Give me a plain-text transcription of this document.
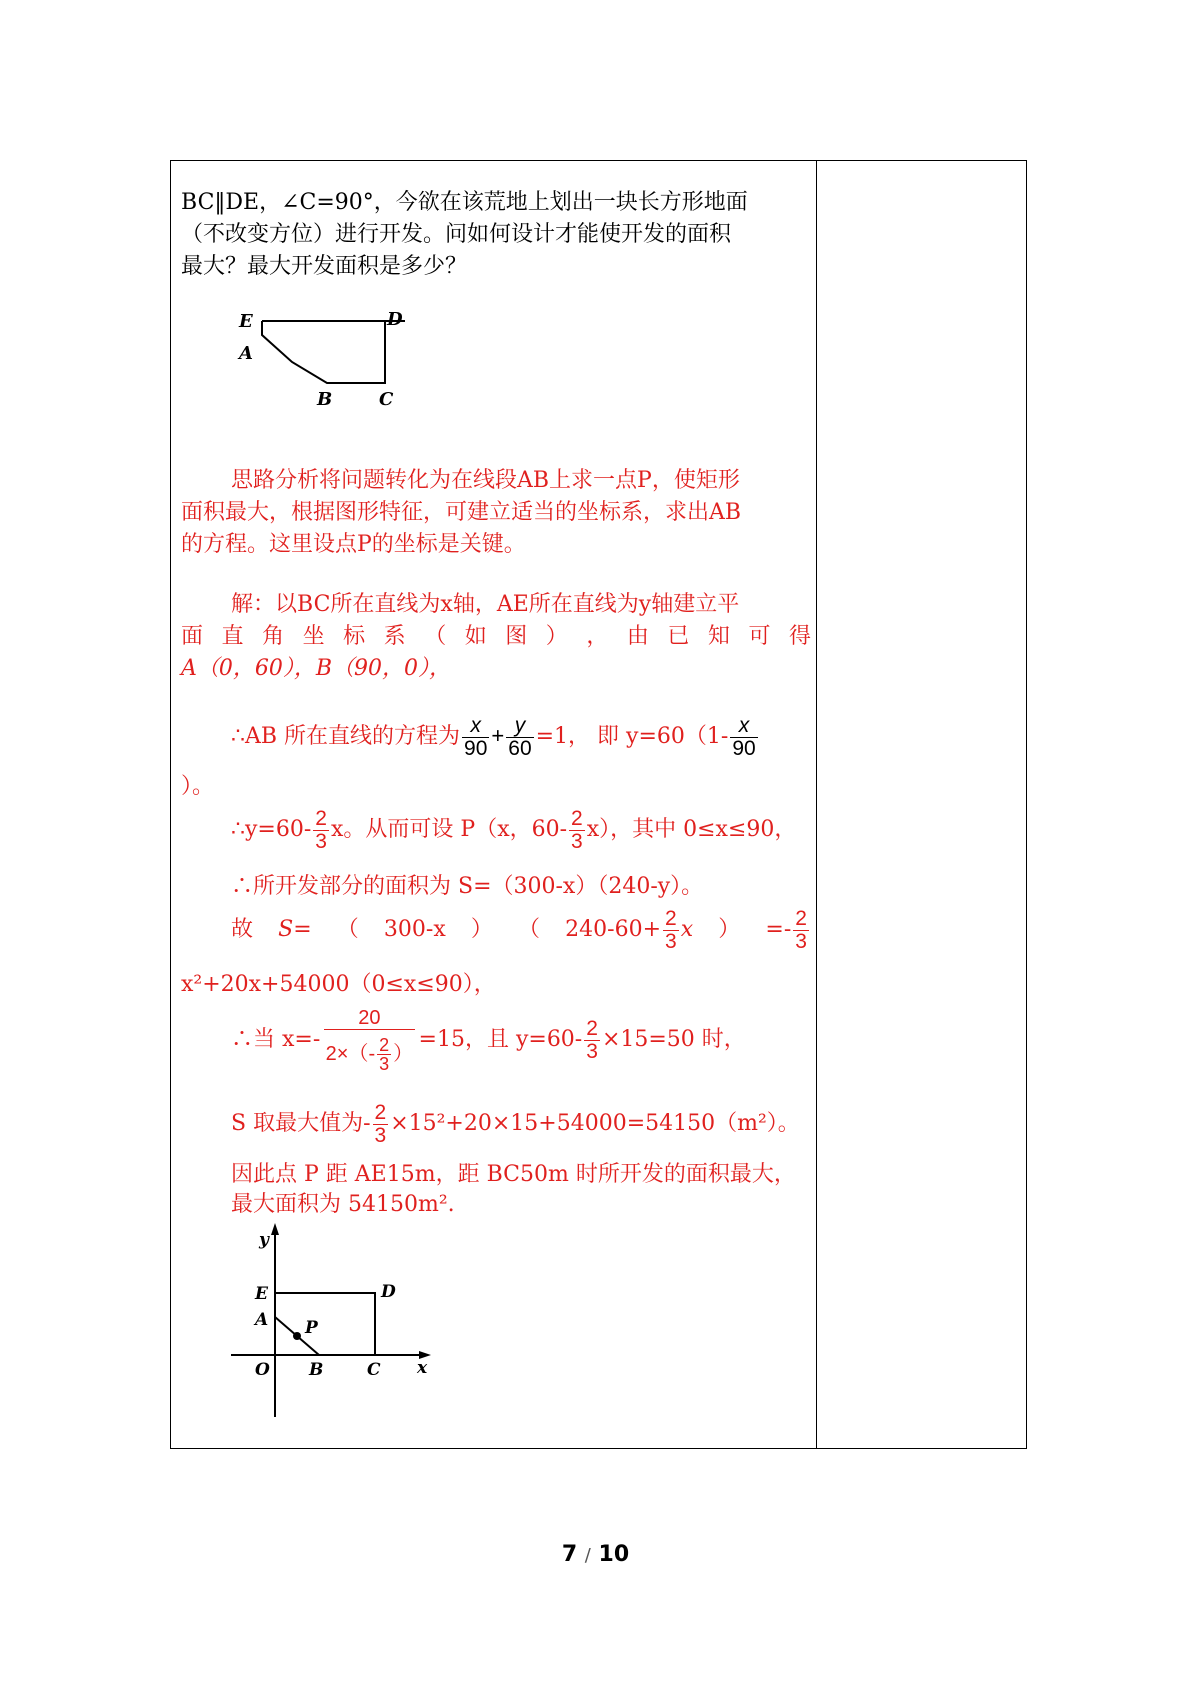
BC‖DE，∠C=90°，今欲在该荒地上划出一块长方形地面
（不改变方位）进行开发。问如何设计才能使开发的面积
最大？最大开发面积是多少？
E	D
A
B	C
思路分析将问题转化为在线段AB上求一点P，使矩形
面积最大，根据图形特征，可建立适当的坐标系，求出AB
的方程。这里设点P的坐标是关键。
解：以BC所在直线为x轴，AE所在直线为y轴建立平
面 直 角 坐 标 系 （ 如 图 ） ， 由 已 知 可 得
A（0，60），B（90，0），
∴AB 所在直线的方程为 $\frac{x}{90} + \frac{y}{60} =1$， 即 $y=60(1- \frac{x}{90}$
）。
∴y=60- $\frac{2}{3}$ x。从而可设 P（x，$60- \frac{2}{3} x$），其中 0≤x≤90，
∴所开发部分的面积为 S=（300-x）（240-y）。
故 S= （ 300-x ） （ $240-60+ \frac{2}{3}$ x ） =- $\frac{2}{3}$
x²+20x+54000（0≤x≤90），
∴当 $x=- \frac{20}{2\times(- \frac{2}{3} )} =15$，且 $y=60- \frac{2}{3} \times 15=50$ 时，
S 取最大值为- $\frac{2}{3} \times 15^2+20\times 15+54000=54150(m^2)$。
因此点 P 距 AE15m，距 BC50m 时所开发的面积最大，
最大面积为 54150m².
y
E	D
A P
O B	C x
7 / 10
